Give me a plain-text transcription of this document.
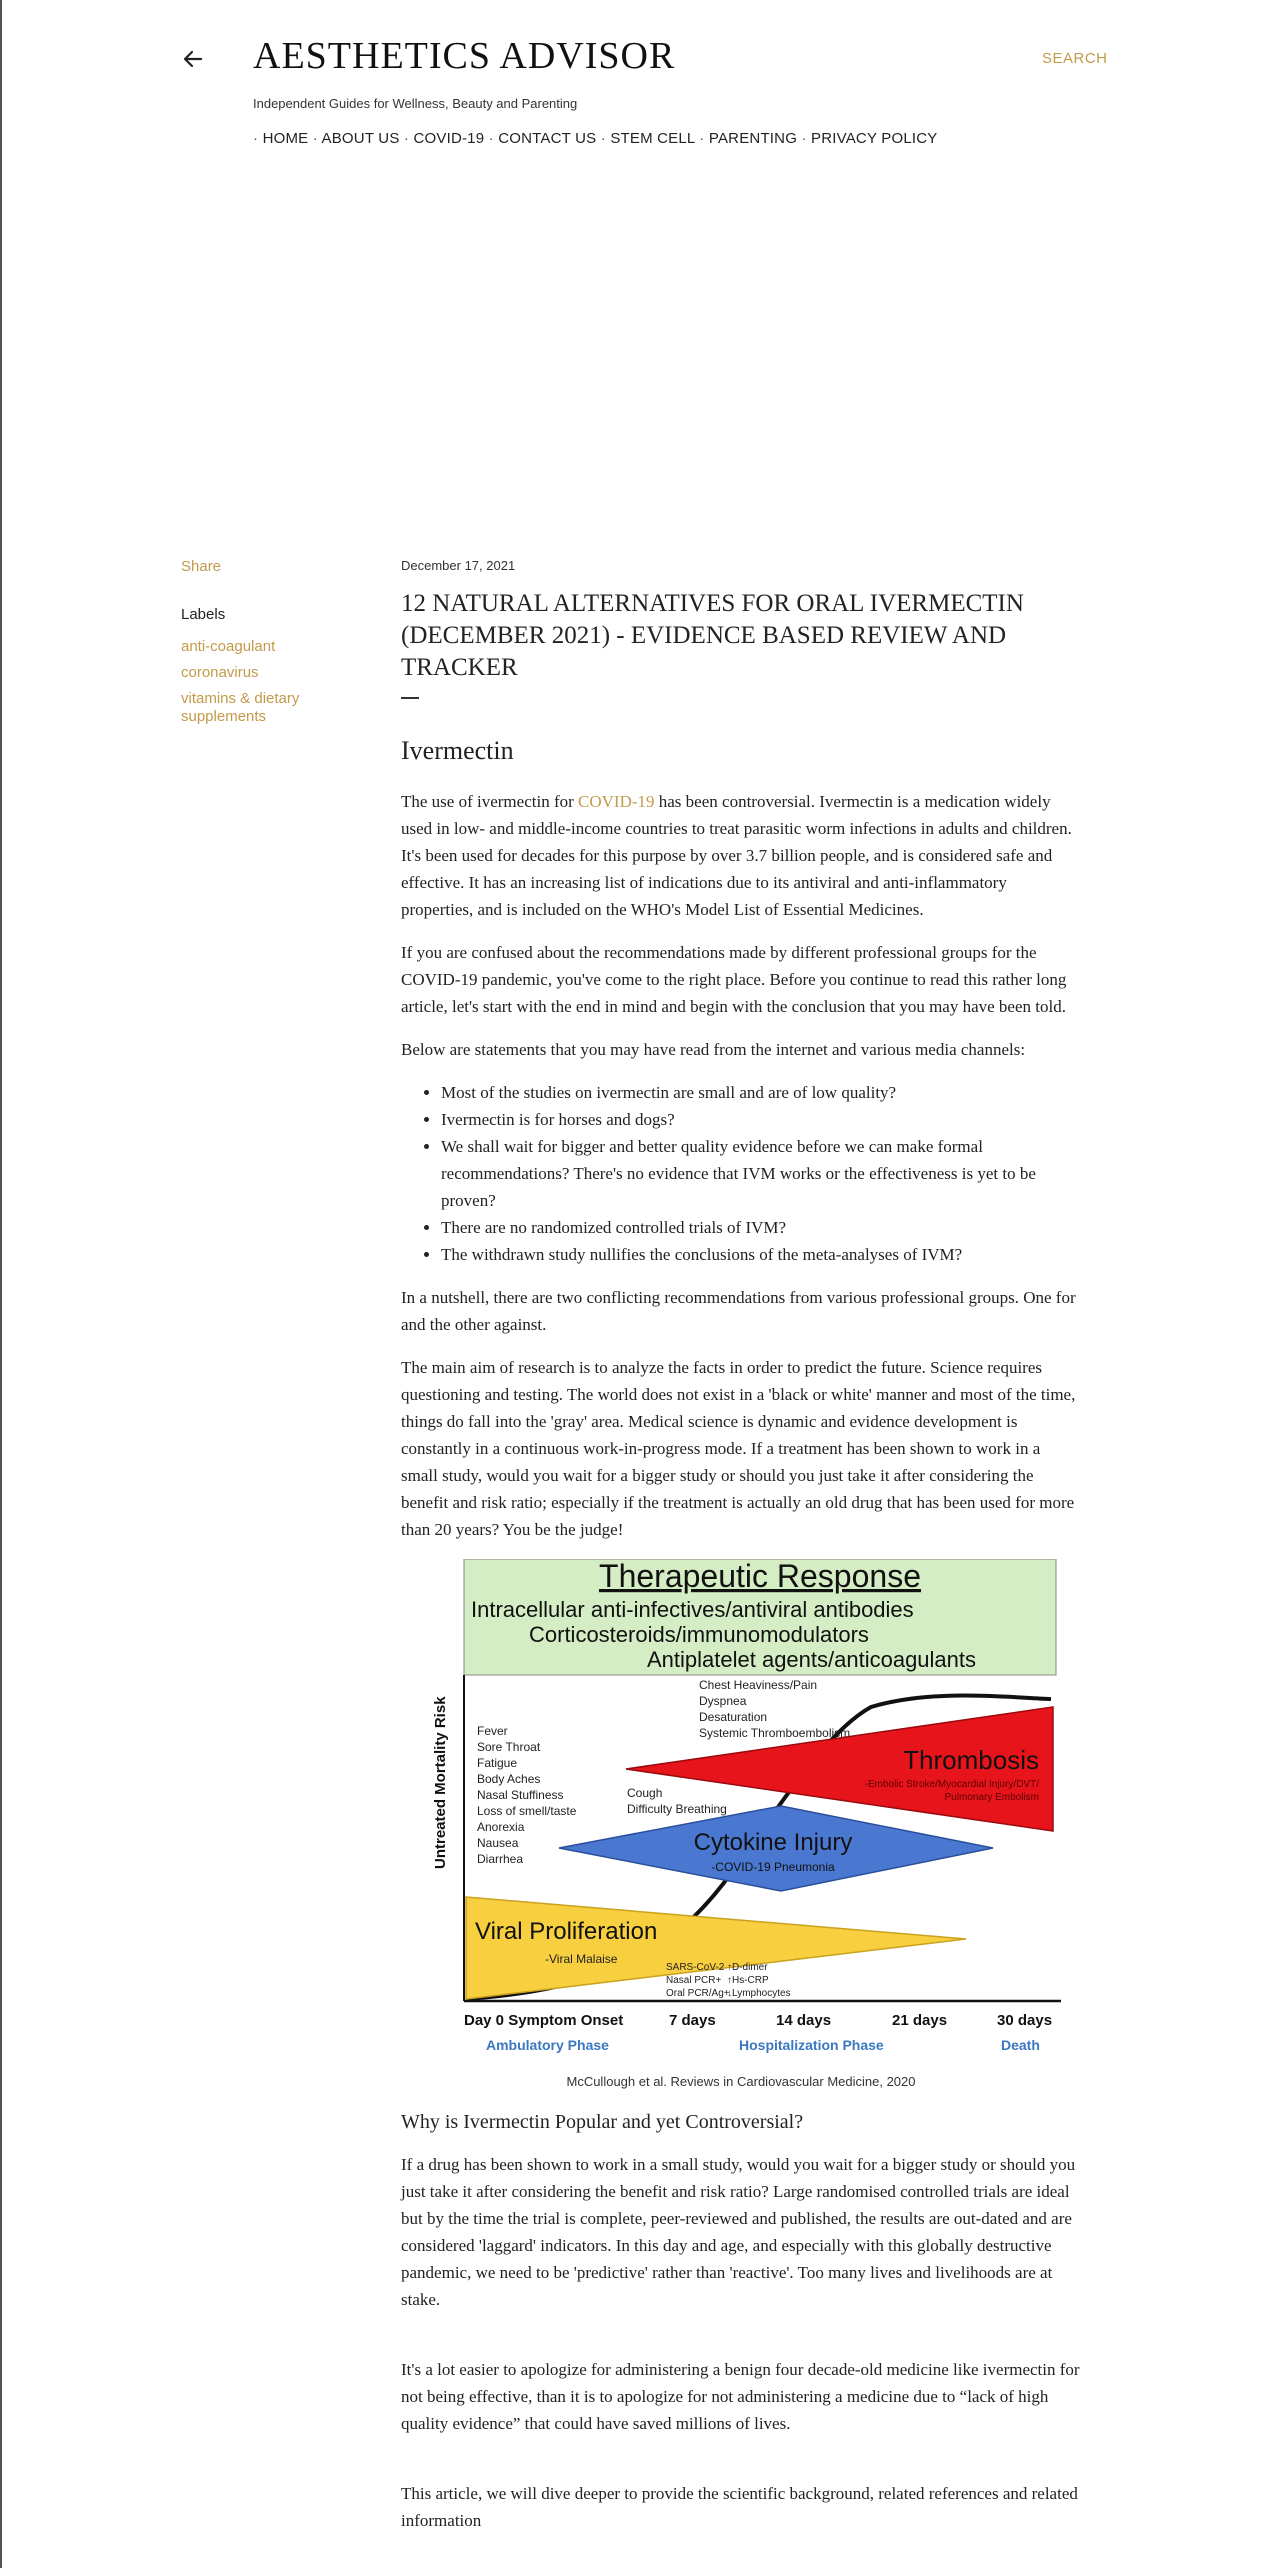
AESTHETICS ADVISOR	SEARCH
Independent Guides for Wellness, Beauty and Parenting
· HOME · ABOUT US · COVID-19 · CONTACT US · STEM CELL · PARENTING · PRIVACY POLICY
Share
Labels
anti-coagulant
coronavirus
vitamins & dietary supplements
December 17, 2021
12 NATURAL ALTERNATIVES FOR ORAL IVERMECTIN (DECEMBER 2021) - EVIDENCE BASED REVIEW AND TRACKER
Ivermectin

The use of ivermectin for COVID-19 has been controversial. Ivermectin is a medication widely used in low- and middle-income countries to treat parasitic worm infections in adults and children. It's been used for decades for this purpose by over 3.7 billion people, and is considered safe and effective. It has an increasing list of indications due to its antiviral and anti-inflammatory properties, and is included on the WHO's Model List of Essential Medicines.

If you are confused about the recommendations made by different professional groups for the COVID-19 pandemic, you've come to the right place. Before you continue to read this rather long article, let's start with the end in mind and begin with the conclusion that you may have been told.

Below are statements that you may have read from the internet and various media channels:

• Most of the studies on ivermectin are small and are of low quality?
• Ivermectin is for horses and dogs?
• We shall wait for bigger and better quality evidence before we can make formal recommendations? There's no evidence that IVM works or the effectiveness is yet to be proven?
• There are no randomized controlled trials of IVM?
• The withdrawn study nullifies the conclusions of the meta-analyses of IVM?

In a nutshell, there are two conflicting recommendations from various professional groups. One for and the other against.

The main aim of research is to analyze the facts in order to predict the future. Science requires questioning and testing. The world does not exist in a 'black or white' manner and most of the time, things do fall into the 'gray' area. Medical science is dynamic and evidence development is constantly in a continuous work-in-progress mode. If a treatment has been shown to work in a small study, would you wait for a bigger study or should you just take it after considering the benefit and risk ratio; especially if the treatment is actually an old drug that has been used for more than 20 years? You be the judge!

Therapeutic Response
Intracellular anti-infectives/antiviral antibodies
Corticosteroids/immunomodulators
Antiplatelet agents/anticoagulants
Untreated Mortality Risk
Viral Proliferation
-Viral Malaise
Cytokine Injury
-COVID-19 Pneumonia
Thrombosis
-Embolic Stroke/Myocardial Injury/DVT/
Pulmonary Embolism
Fever
Sore Throat
Fatigue
Body Aches
Nasal Stuffiness
Loss of smell/taste
Anorexia
Nausea
Diarrhea
Cough
Difficulty Breathing
Chest Heaviness/Pain
Dyspnea
Desaturation
Systemic Thromboembolism
SARS-CoV-2
Nasal PCR+
Oral PCR/Ag+
↑D-dimer
↑Hs-CRP
↓Lymphocytes
Day 0 Symptom Onset	7 days	14 days	21 days	30 days
Ambulatory Phase	Hospitalization Phase	Death
McCullough et al. Reviews in Cardiovascular Medicine, 2020
Why is Ivermectin Popular and yet Controversial?

If a drug has been shown to work in a small study, would you wait for a bigger study or should you just take it after considering the benefit and risk ratio? Large randomised controlled trials are ideal but by the time the trial is complete, peer-reviewed and published, the results are out-dated and are considered 'laggard' indicators. In this day and age, and especially with this globally destructive pandemic, we need to be 'predictive' rather than 'reactive'. Too many lives and livelihoods are at stake.

It's a lot easier to apologize for administering a benign four decade-old medicine like ivermectin for not being effective, than it is to apologize for not administering a medicine due to “lack of high quality evidence” that could have saved millions of lives.

This article, we will dive deeper to provide the scientific background, related references and related information
